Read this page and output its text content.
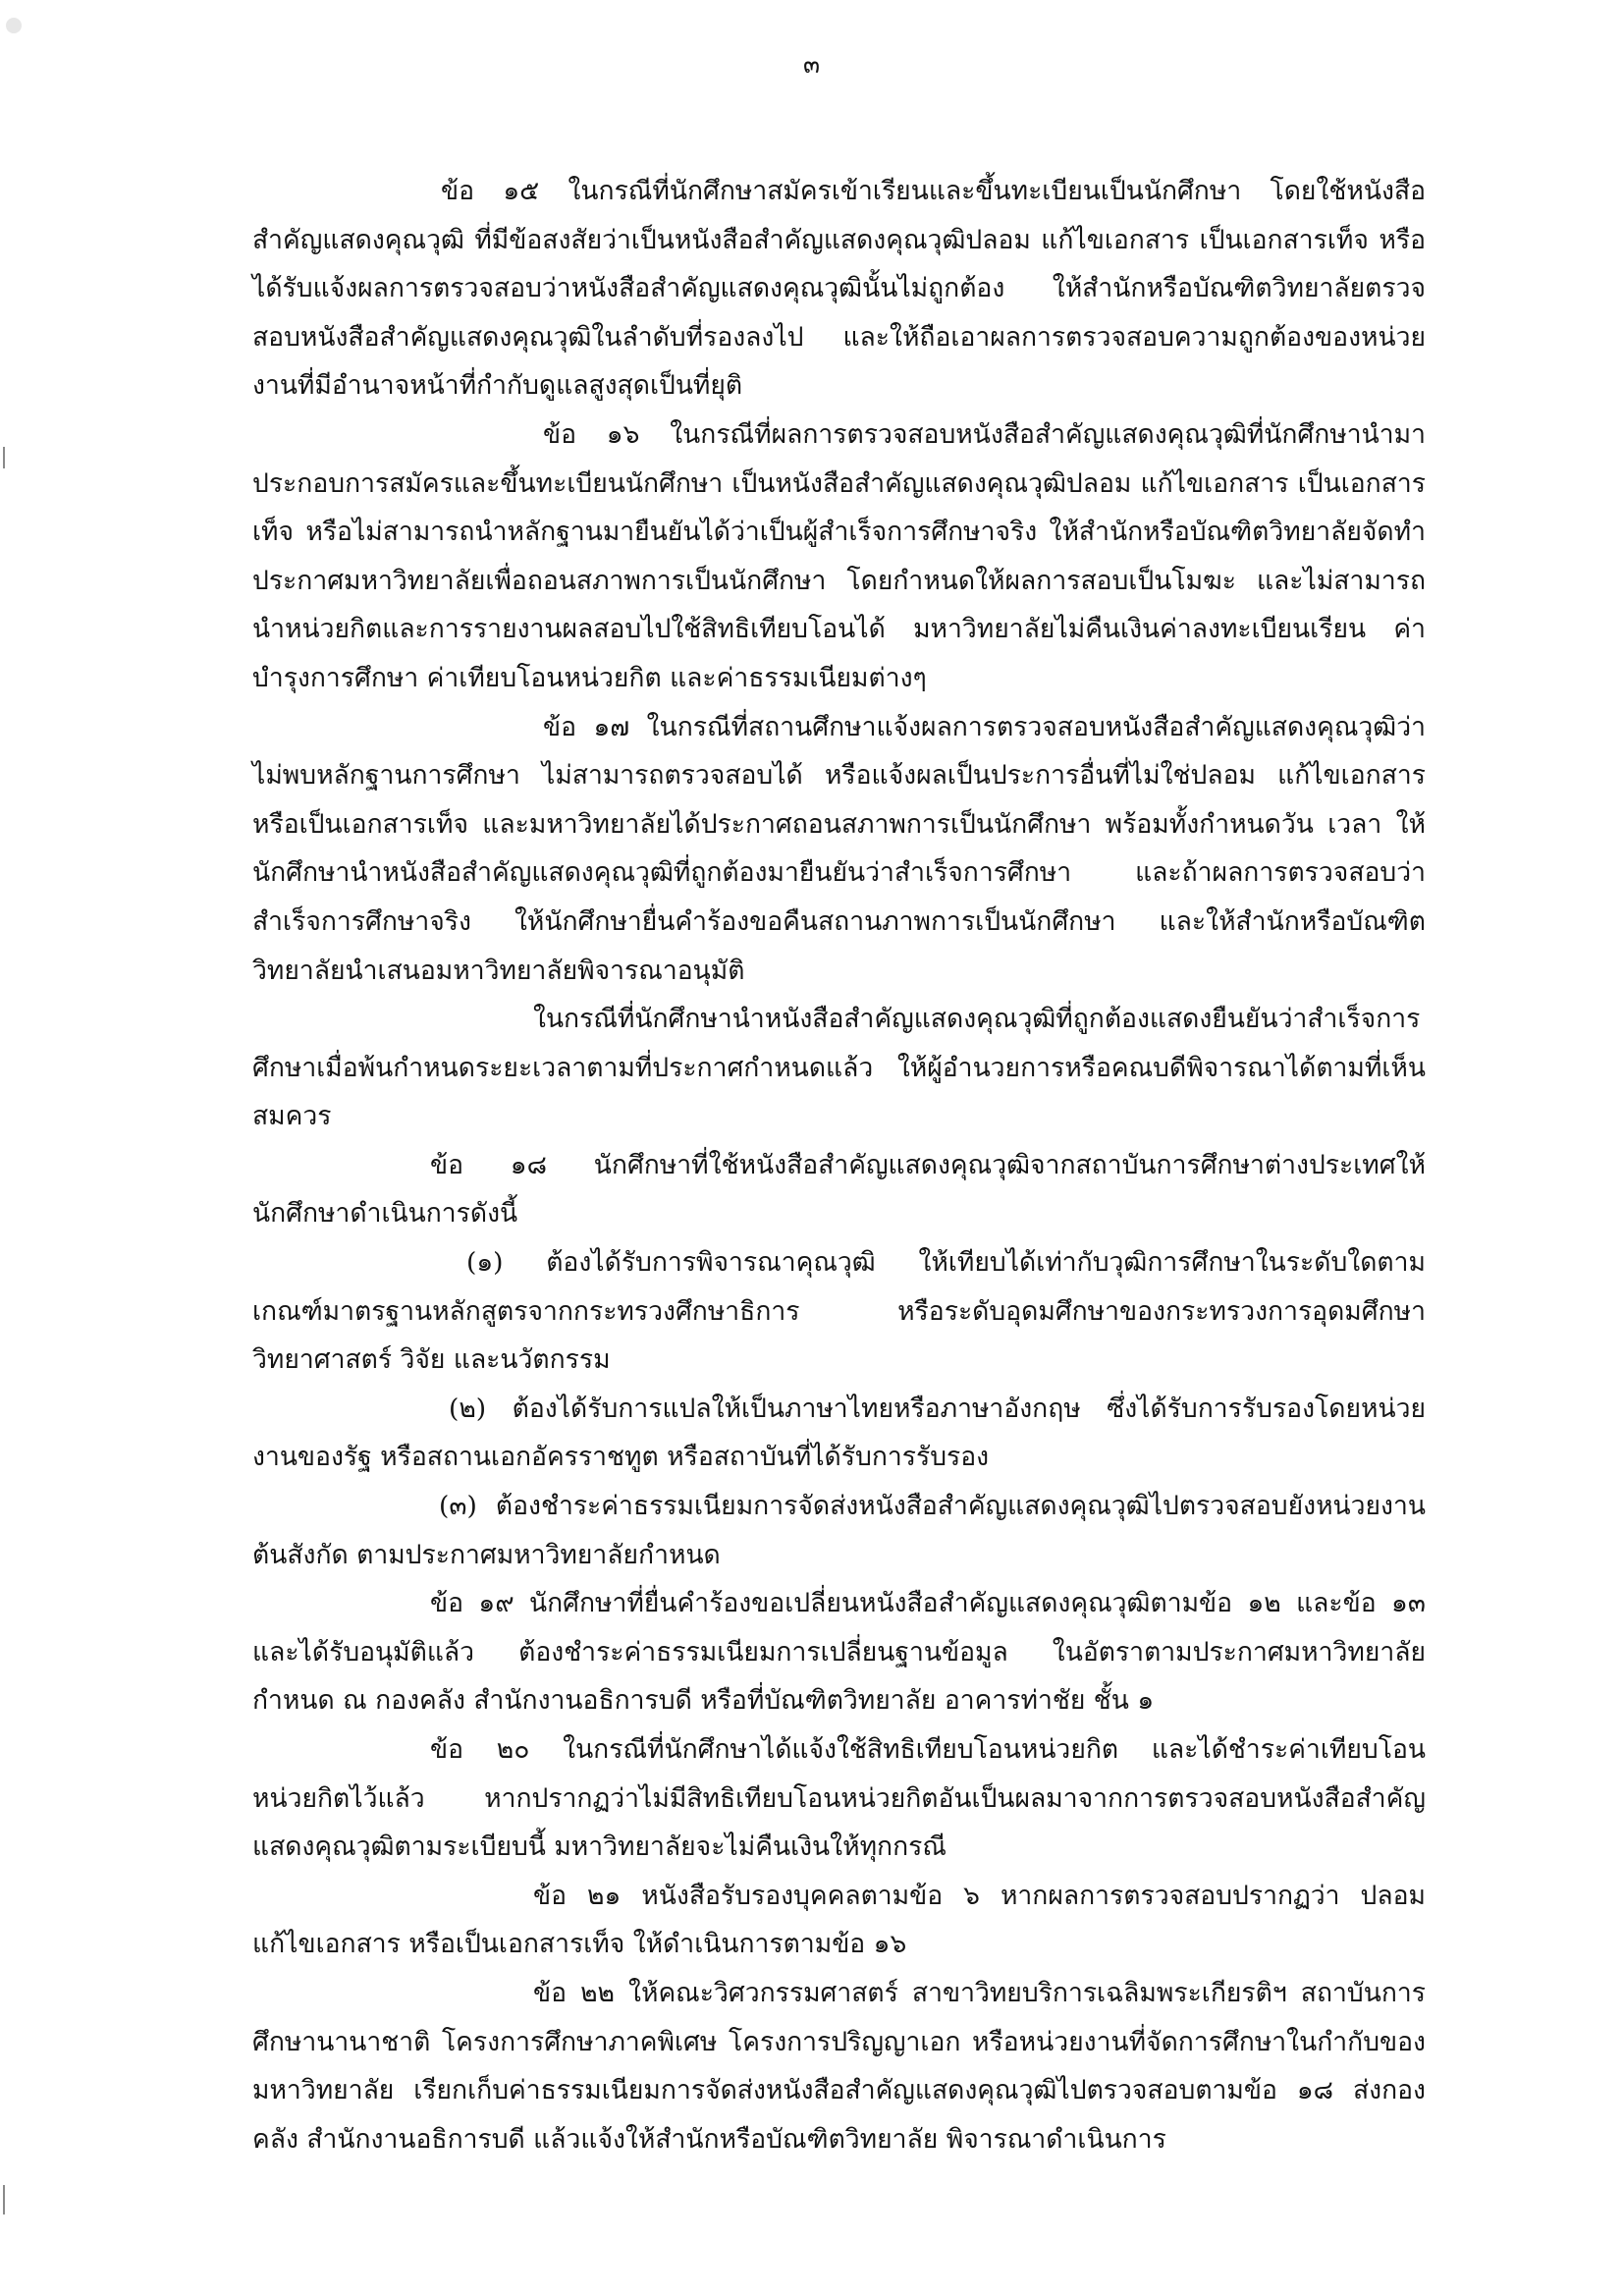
๓

ข้อ ๑๕ ในกรณีที่นักศึกษาสมัครเข้าเรียนและขึ้นทะเบียนเป็นนักศึกษา โดยใช้หนังสือสำคัญแสดงคุณวุฒิ ที่มีข้อสงสัยว่าเป็นหนังสือสำคัญแสดงคุณวุฒิปลอม แก้ไขเอกสาร เป็นเอกสารเท็จ หรือได้รับแจ้งผลการตรวจสอบว่าหนังสือสำคัญแสดงคุณวุฒินั้นไม่ถูกต้อง ให้สำนักหรือบัณฑิตวิทยาลัยตรวจสอบหนังสือสำคัญแสดงคุณวุฒิในลำดับที่รองลงไป และให้ถือเอาผลการตรวจสอบความถูกต้องของหน่วยงานที่มีอำนาจหน้าที่กำกับดูแลสูงสุดเป็นที่ยุติ

ข้อ ๑๖ ในกรณีที่ผลการตรวจสอบหนังสือสำคัญแสดงคุณวุฒิที่นักศึกษานำมาประกอบการสมัครและขึ้นทะเบียนนักศึกษา เป็นหนังสือสำคัญแสดงคุณวุฒิปลอม แก้ไขเอกสาร เป็นเอกสารเท็จ หรือไม่สามารถนำหลักฐานมายืนยันได้ว่าเป็นผู้สำเร็จการศึกษาจริง ให้สำนักหรือบัณฑิตวิทยาลัยจัดทำประกาศมหาวิทยาลัยเพื่อถอนสภาพการเป็นนักศึกษา โดยกำหนดให้ผลการสอบเป็นโมฆะ และไม่สามารถนำหน่วยกิตและการรายงานผลสอบไปใช้สิทธิเทียบโอนได้ มหาวิทยาลัยไม่คืนเงินค่าลงทะเบียนเรียน ค่าบำรุงการศึกษา ค่าเทียบโอนหน่วยกิต และค่าธรรมเนียมต่างๆ

ข้อ ๑๗ ในกรณีที่สถานศึกษาแจ้งผลการตรวจสอบหนังสือสำคัญแสดงคุณวุฒิว่าไม่พบหลักฐานการศึกษา ไม่สามารถตรวจสอบได้ หรือแจ้งผลเป็นประการอื่นที่ไม่ใช่ปลอม แก้ไขเอกสาร หรือเป็นเอกสารเท็จ และมหาวิทยาลัยได้ประกาศถอนสภาพการเป็นนักศึกษา พร้อมทั้งกำหนดวัน เวลา ให้นักศึกษานำหนังสือสำคัญแสดงคุณวุฒิที่ถูกต้องมายืนยันว่าสำเร็จการศึกษา และถ้าผลการตรวจสอบว่าสำเร็จการศึกษาจริง ให้นักศึกษายื่นคำร้องขอคืนสถานภาพการเป็นนักศึกษา และให้สำนักหรือบัณฑิตวิทยาลัยนำเสนอมหาวิทยาลัยพิจารณาอนุมัติ

ในกรณีที่นักศึกษานำหนังสือสำคัญแสดงคุณวุฒิที่ถูกต้องแสดงยืนยันว่าสำเร็จการศึกษาเมื่อพ้นกำหนดระยะเวลาตามที่ประกาศกำหนดแล้ว ให้ผู้อำนวยการหรือคณบดีพิจารณาได้ตามที่เห็นสมควร

ข้อ ๑๘ นักศึกษาที่ใช้หนังสือสำคัญแสดงคุณวุฒิจากสถาบันการศึกษาต่างประเทศให้นักศึกษาดำเนินการดังนี้

(๑) ต้องได้รับการพิจารณาคุณวุฒิ ให้เทียบได้เท่ากับวุฒิการศึกษาในระดับใดตามเกณฑ์มาตรฐานหลักสูตรจากกระทรวงศึกษาธิการ หรือระดับอุดมศึกษาของกระทรวงการอุดมศึกษา วิทยาศาสตร์ วิจัย และนวัตกรรม

(๒) ต้องได้รับการแปลให้เป็นภาษาไทยหรือภาษาอังกฤษ ซึ่งได้รับการรับรองโดยหน่วยงานของรัฐ หรือสถานเอกอัครราชทูต หรือสถาบันที่ได้รับการรับรอง

(๓) ต้องชำระค่าธรรมเนียมการจัดส่งหนังสือสำคัญแสดงคุณวุฒิไปตรวจสอบยังหน่วยงานต้นสังกัด ตามประกาศมหาวิทยาลัยกำหนด

ข้อ ๑๙ นักศึกษาที่ยื่นคำร้องขอเปลี่ยนหนังสือสำคัญแสดงคุณวุฒิตามข้อ ๑๒ และข้อ ๑๓ และได้รับอนุมัติแล้ว ต้องชำระค่าธรรมเนียมการเปลี่ยนฐานข้อมูล ในอัตราตามประกาศมหาวิทยาลัยกำหนด ณ กองคลัง สำนักงานอธิการบดี หรือที่บัณฑิตวิทยาลัย อาคารท่าชัย ชั้น ๑

ข้อ ๒๐ ในกรณีที่นักศึกษาได้แจ้งใช้สิทธิเทียบโอนหน่วยกิต และได้ชำระค่าเทียบโอนหน่วยกิตไว้แล้ว หากปรากฏว่าไม่มีสิทธิเทียบโอนหน่วยกิตอันเป็นผลมาจากการตรวจสอบหนังสือสำคัญแสดงคุณวุฒิตามระเบียบนี้ มหาวิทยาลัยจะไม่คืนเงินให้ทุกกรณี

ข้อ ๒๑ หนังสือรับรองบุคคลตามข้อ ๖ หากผลการตรวจสอบปรากฏว่า ปลอม แก้ไขเอกสาร หรือเป็นเอกสารเท็จ ให้ดำเนินการตามข้อ ๑๖

ข้อ ๒๒ ให้คณะวิศวกรรมศาสตร์ สาขาวิทยบริการเฉลิมพระเกียรติฯ สถาบันการศึกษานานาชาติ โครงการศึกษาภาคพิเศษ โครงการปริญญาเอก หรือหน่วยงานที่จัดการศึกษาในกำกับของมหาวิทยาลัย เรียกเก็บค่าธรรมเนียมการจัดส่งหนังสือสำคัญแสดงคุณวุฒิไปตรวจสอบตามข้อ ๑๘ ส่งกองคลัง สำนักงานอธิการบดี แล้วแจ้งให้สำนักหรือบัณฑิตวิทยาลัย พิจารณาดำเนินการ
